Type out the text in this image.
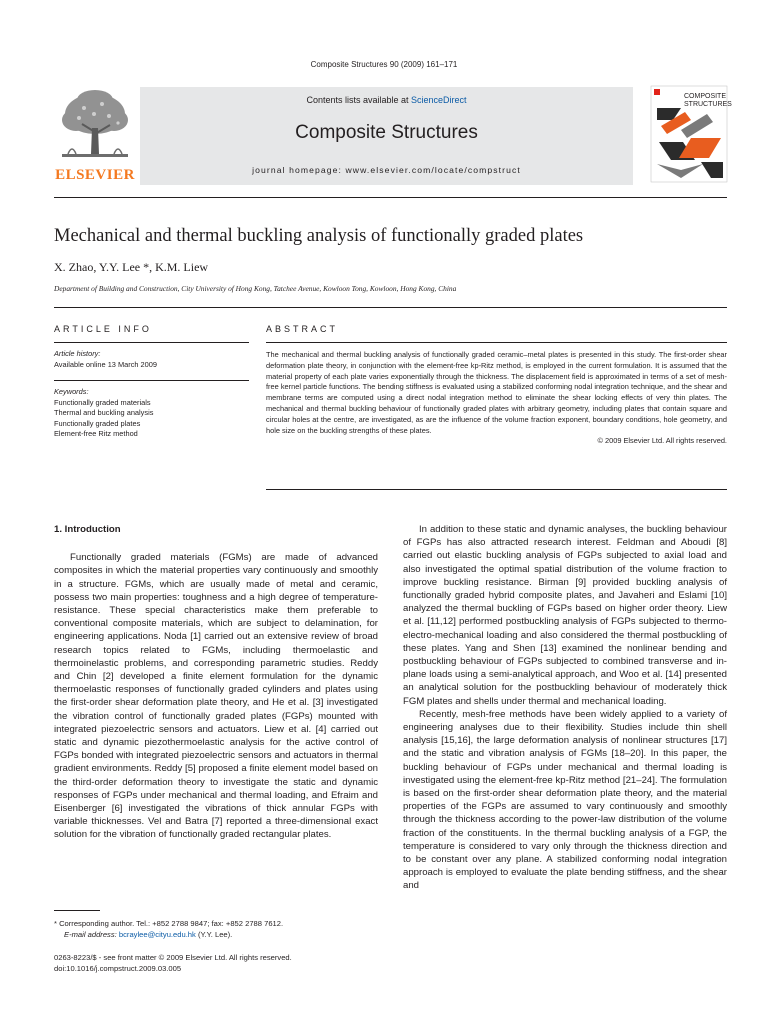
Composite Structures 90 (2009) 161–171
ELSEVIER
Contents lists available at ScienceDirect
Composite Structures
journal homepage: www.elsevier.com/locate/compstruct
COMPOSITE
STRUCTURES
Mechanical and thermal buckling analysis of functionally graded plates
X. Zhao, Y.Y. Lee *, K.M. Liew
Department of Building and Construction, City University of Hong Kong, Tatchee Avenue, Kowloon Tong, Kowloon, Hong Kong, China
ARTICLE INFO
Article history:
Available online 13 March 2009
Keywords:
Functionally graded materials
Thermal and buckling analysis
Functionally graded plates
Element-free Ritz method
ABSTRACT
The mechanical and thermal buckling analysis of functionally graded ceramic–metal plates is presented in this study. The first-order shear deformation plate theory, in conjunction with the element-free kp-Ritz method, is employed in the current formulation. It is assumed that the material property of each plate varies exponentially through the thickness. The displacement field is approximated in terms of a set of mesh-free kernel particle functions. The bending stiffness is evaluated using a stabilized conforming nodal integration technique, and the shear and membrane terms are computed using a direct nodal integration method to eliminate the shear locking effects of very thin plates. The mechanical and thermal buckling behaviour of functionally graded plates with arbitrary geometry, including plates that contain square and circular holes at the centre, are investigated, as are the influence of the volume fraction exponent, boundary conditions, hole geometry, and hole size on the buckling strengths of these plates.
© 2009 Elsevier Ltd. All rights reserved.

1. Introduction

Functionally graded materials (FGMs) are made of advanced composites in which the material properties vary continuously and smoothly in a structure. FGMs, which are usually made of metal and ceramic, possess two main properties: toughness and a high degree of temperature-resistance. These special characteristics make them preferable to conventional composite materials, which are subject to delamination, for engineering applications. Noda [1] carried out an extensive review of broad research topics related to FGMs, including thermoelastic and thermoinelastic problems, and corresponding parametric studies. Reddy and Chin [2] developed a finite element formulation for the dynamic thermoelastic responses of functionally graded cylinders and plates using the first-order shear deformation plate theory, and He et al. [3] investigated the vibration control of functionally graded plates (FGPs) mounted with integrated piezoelectric sensors and actuators. Liew et al. [4] carried out static and dynamic piezothermoelastic analysis for the active control of FGPs bonded with integrated piezoelectric sensors and actuators in thermal gradient environments. Reddy [5] proposed a finite element model based on the third-order deformation theory to investigate the static and dynamic responses of FGPs under mechanical and thermal loading, and Efraim and Eisenberger [6] investigated the vibrations of thick annular FGPs with variable thicknesses. Vel and Batra [7] reported a three-dimensional exact solution for the vibration of functionally graded rectangular plates.

In addition to these static and dynamic analyses, the buckling behaviour of FGPs has also attracted research interest. Feldman and Aboudi [8] carried out elastic buckling analysis of FGPs subjected to axial load and also investigated the optimal spatial distribution of the volume fraction to improve buckling resistance. Birman [9] provided buckling analysis of functionally graded hybrid composite plates, and Javaheri and Eslami [10] analyzed the thermal buckling of FGPs based on higher order theory. Liew et al. [11,12] performed postbuckling analysis of FGPs subjected to thermo-electro-mechanical loading and also considered the thermal postbuckling of these plates. Yang and Shen [13] examined the nonlinear bending and postbuckling behaviour of FGPs subjected to combined transverse and in-plane loads using a semi-analytical approach, and Woo et al. [14] presented an analytical solution for the postbuckling behaviour of moderately thick FGM plates and shells under thermal and mechanical loading.

Recently, mesh-free methods have been widely applied to a variety of engineering analyses due to their flexibility. Studies include thin shell analysis [15,16], the large deformation analysis of nonlinear structures [17] and the static and vibration analysis of FGMs [18–20]. In this paper, the buckling behaviour of FGPs under mechanical and thermal loading is investigated using the element-free kp-Ritz method [21–24]. The formulation is based on the first-order shear deformation plate theory, and the material properties of the FGPs are assumed to vary continuously and smoothly through the thickness according to the power-law distribution of the volume fraction of the constituents. In the thermal buckling analysis of a FGP, the temperature is considered to vary only through the thickness direction and to be constant over any plane. A stabilized conforming nodal integration approach is employed to evaluate the plate bending stiffness, and the shear and

* Corresponding author. Tel.: +852 2788 9847; fax: +852 2788 7612.
E-mail address: bcraylee@cityu.edu.hk (Y.Y. Lee).
0263-8223/$ - see front matter © 2009 Elsevier Ltd. All rights reserved.
doi:10.1016/j.compstruct.2009.03.005
